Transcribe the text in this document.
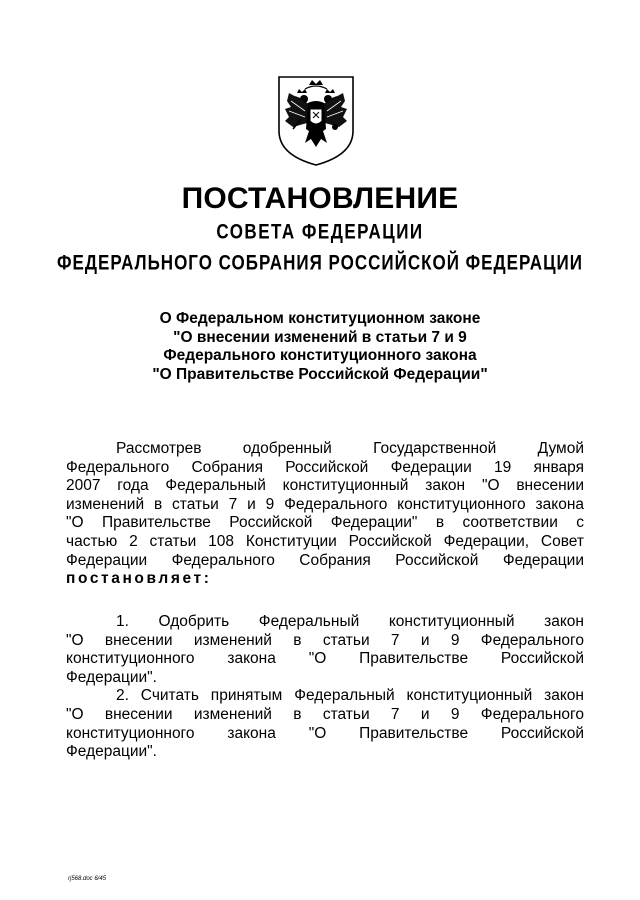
ПОСТАНОВЛЕНИЕ
СОВЕТА ФЕДЕРАЦИИ
ФЕДЕРАЛЬНОГО СОБРАНИЯ РОССИЙСКОЙ ФЕДЕРАЦИИ
О Федеральном конституционном законе
"О внесении изменений в статьи 7 и 9
Федерального конституционного закона
"О Правительстве Российской Федерации"
Рассмотрев одобренный Государственной Думой
Федерального Собрания Российской Федерации 19 января
2007 года Федеральный конституционный закон "О внесении
изменений в статьи 7 и 9 Федерального конституционного закона
"О Правительстве Российской Федерации" в соответствии с
частью 2 статьи 108 Конституции Российской Федерации, Совет
Федерации Федерального Собрания Российской Федерации
постановляет:
1. Одобрить Федеральный конституционный закон
"О внесении изменений в статьи 7 и 9 Федерального
конституционного закона "О Правительстве Российской
Федерации".
2. Считать принятым Федеральный конституционный закон
"О внесении изменений в статьи 7 и 9 Федерального
конституционного закона "О Правительстве Российской
Федерации".
rj568.doc 6/45
